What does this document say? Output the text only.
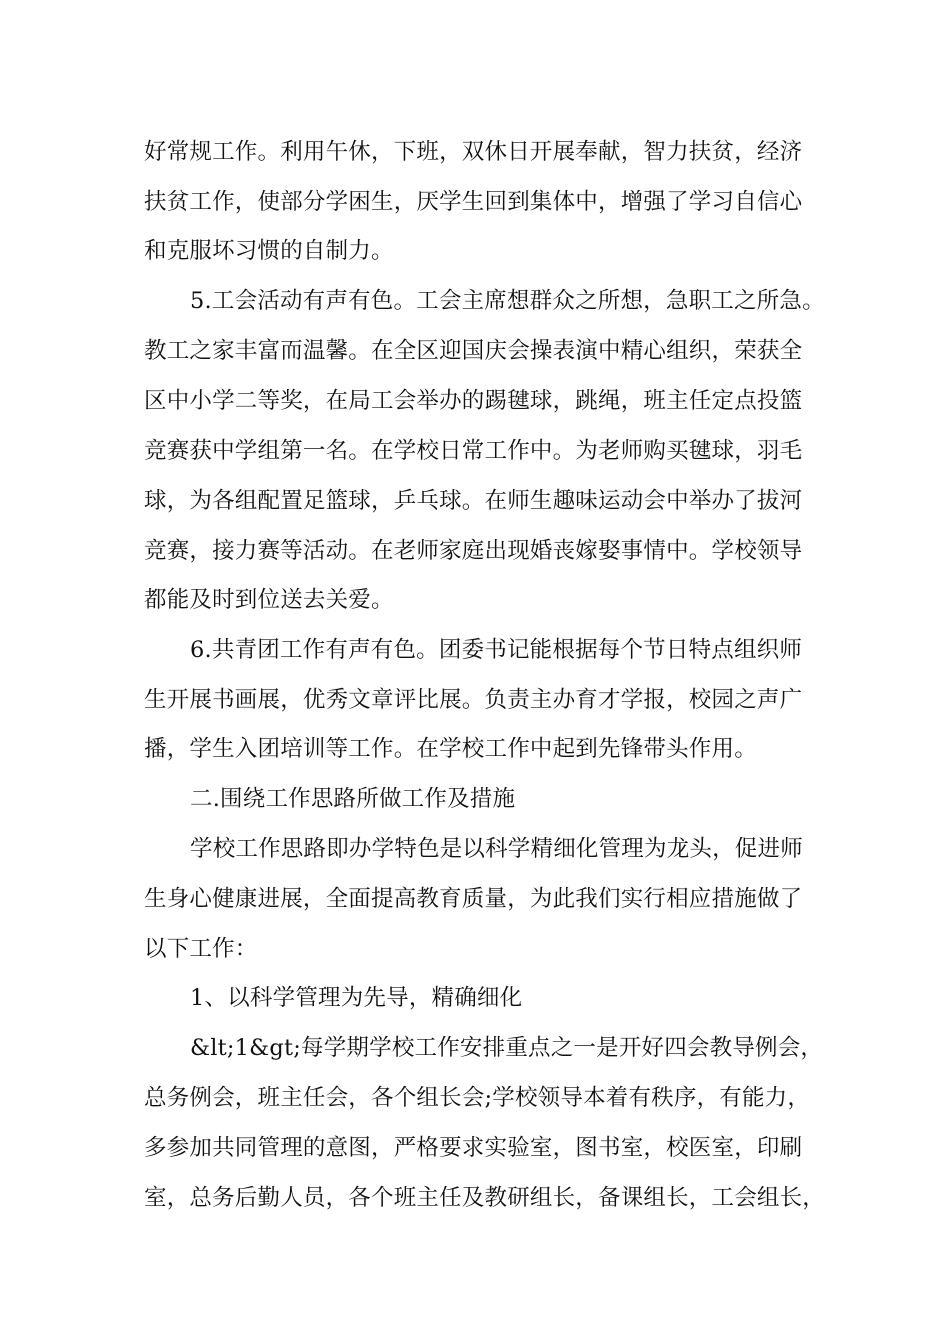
好常规工作。利用午休，下班，双休日开展奉献，智力扶贫，经济
扶贫工作，使部分学困生，厌学生回到集体中，增强了学习自信心
和克服坏习惯的自制力。
5.工会活动有声有色。工会主席想群众之所想，急职工之所急。
教工之家丰富而温馨。在全区迎国庆会操表演中精心组织，荣获全
区中小学二等奖，在局工会举办的踢毽球，跳绳，班主任定点投篮
竞赛获中学组第一名。在学校日常工作中。为老师购买毽球，羽毛
球，为各组配置足篮球，乒乓球。在师生趣味运动会中举办了拔河
竞赛，接力赛等活动。在老师家庭出现婚丧嫁娶事情中。学校领导
都能及时到位送去关爱。
6.共青团工作有声有色。团委书记能根据每个节日特点组织师
生开展书画展，优秀文章评比展。负责主办育才学报，校园之声广
播，学生入团培训等工作。在学校工作中起到先锋带头作用。
二.围绕工作思路所做工作及措施
学校工作思路即办学特色是以科学精细化管理为龙头，促进师
生身心健康进展，全面提高教育质量，为此我们实行相应措施做了
以下工作：
1、以科学管理为先导，精确细化
&lt;1&gt;每学期学校工作安排重点之一是开好四会教导例会，
总务例会，班主任会，各个组长会;学校领导本着有秩序，有能力，
多参加共同管理的意图，严格要求实验室，图书室，校医室，印刷
室，总务后勤人员，各个班主任及教研组长，备课组长，工会组长，
